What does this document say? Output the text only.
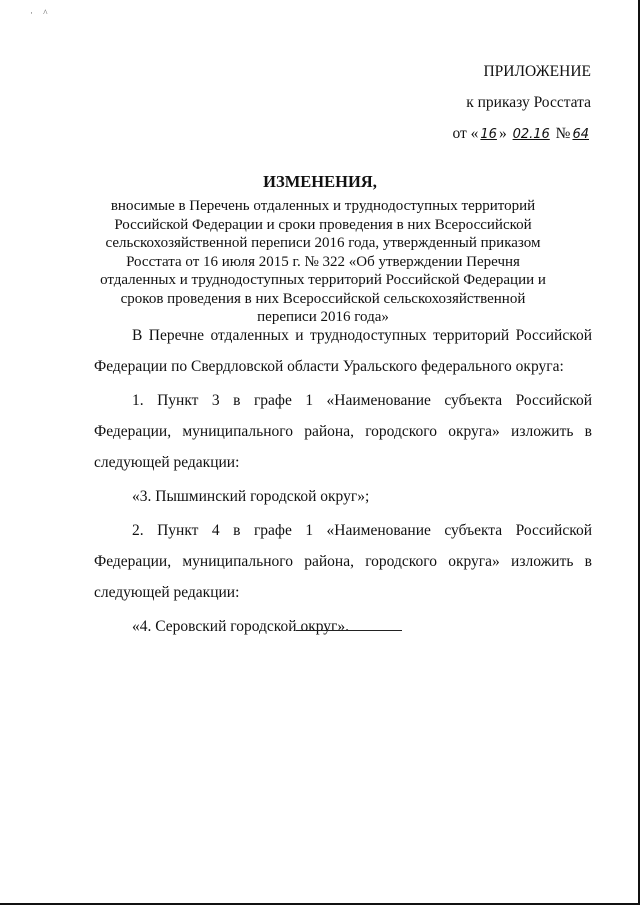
· ^
ПРИЛОЖЕНИЕ
к приказу Росстата
от « 16 » 02.16 № 64
ИЗМЕНЕНИЯ,
вносимые в Перечень отдаленных и труднодоступных территорий Российской Федерации и сроки проведения в них Всероссийской сельскохозяйственной переписи 2016 года, утвержденный приказом Росстата от 16 июля 2015 г. № 322 «Об утверждении Перечня отдаленных и труднодоступных территорий Российской Федерации и сроков проведения в них Всероссийской сельскохозяйственной переписи 2016 года»

В Перечне отдаленных и труднодоступных территорий Российской Федерации по Свердловской области Уральского федерального округа:

1. Пункт 3 в графе 1 «Наименование субъекта Российской Федерации, муниципального района, городского округа» изложить в следующей редакции:

«3. Пышминский городской округ»;

2. Пункт 4 в графе 1 «Наименование субъекта Российской Федерации, муниципального района, городского округа» изложить в следующей редакции:

«4. Серовский городской округ».
